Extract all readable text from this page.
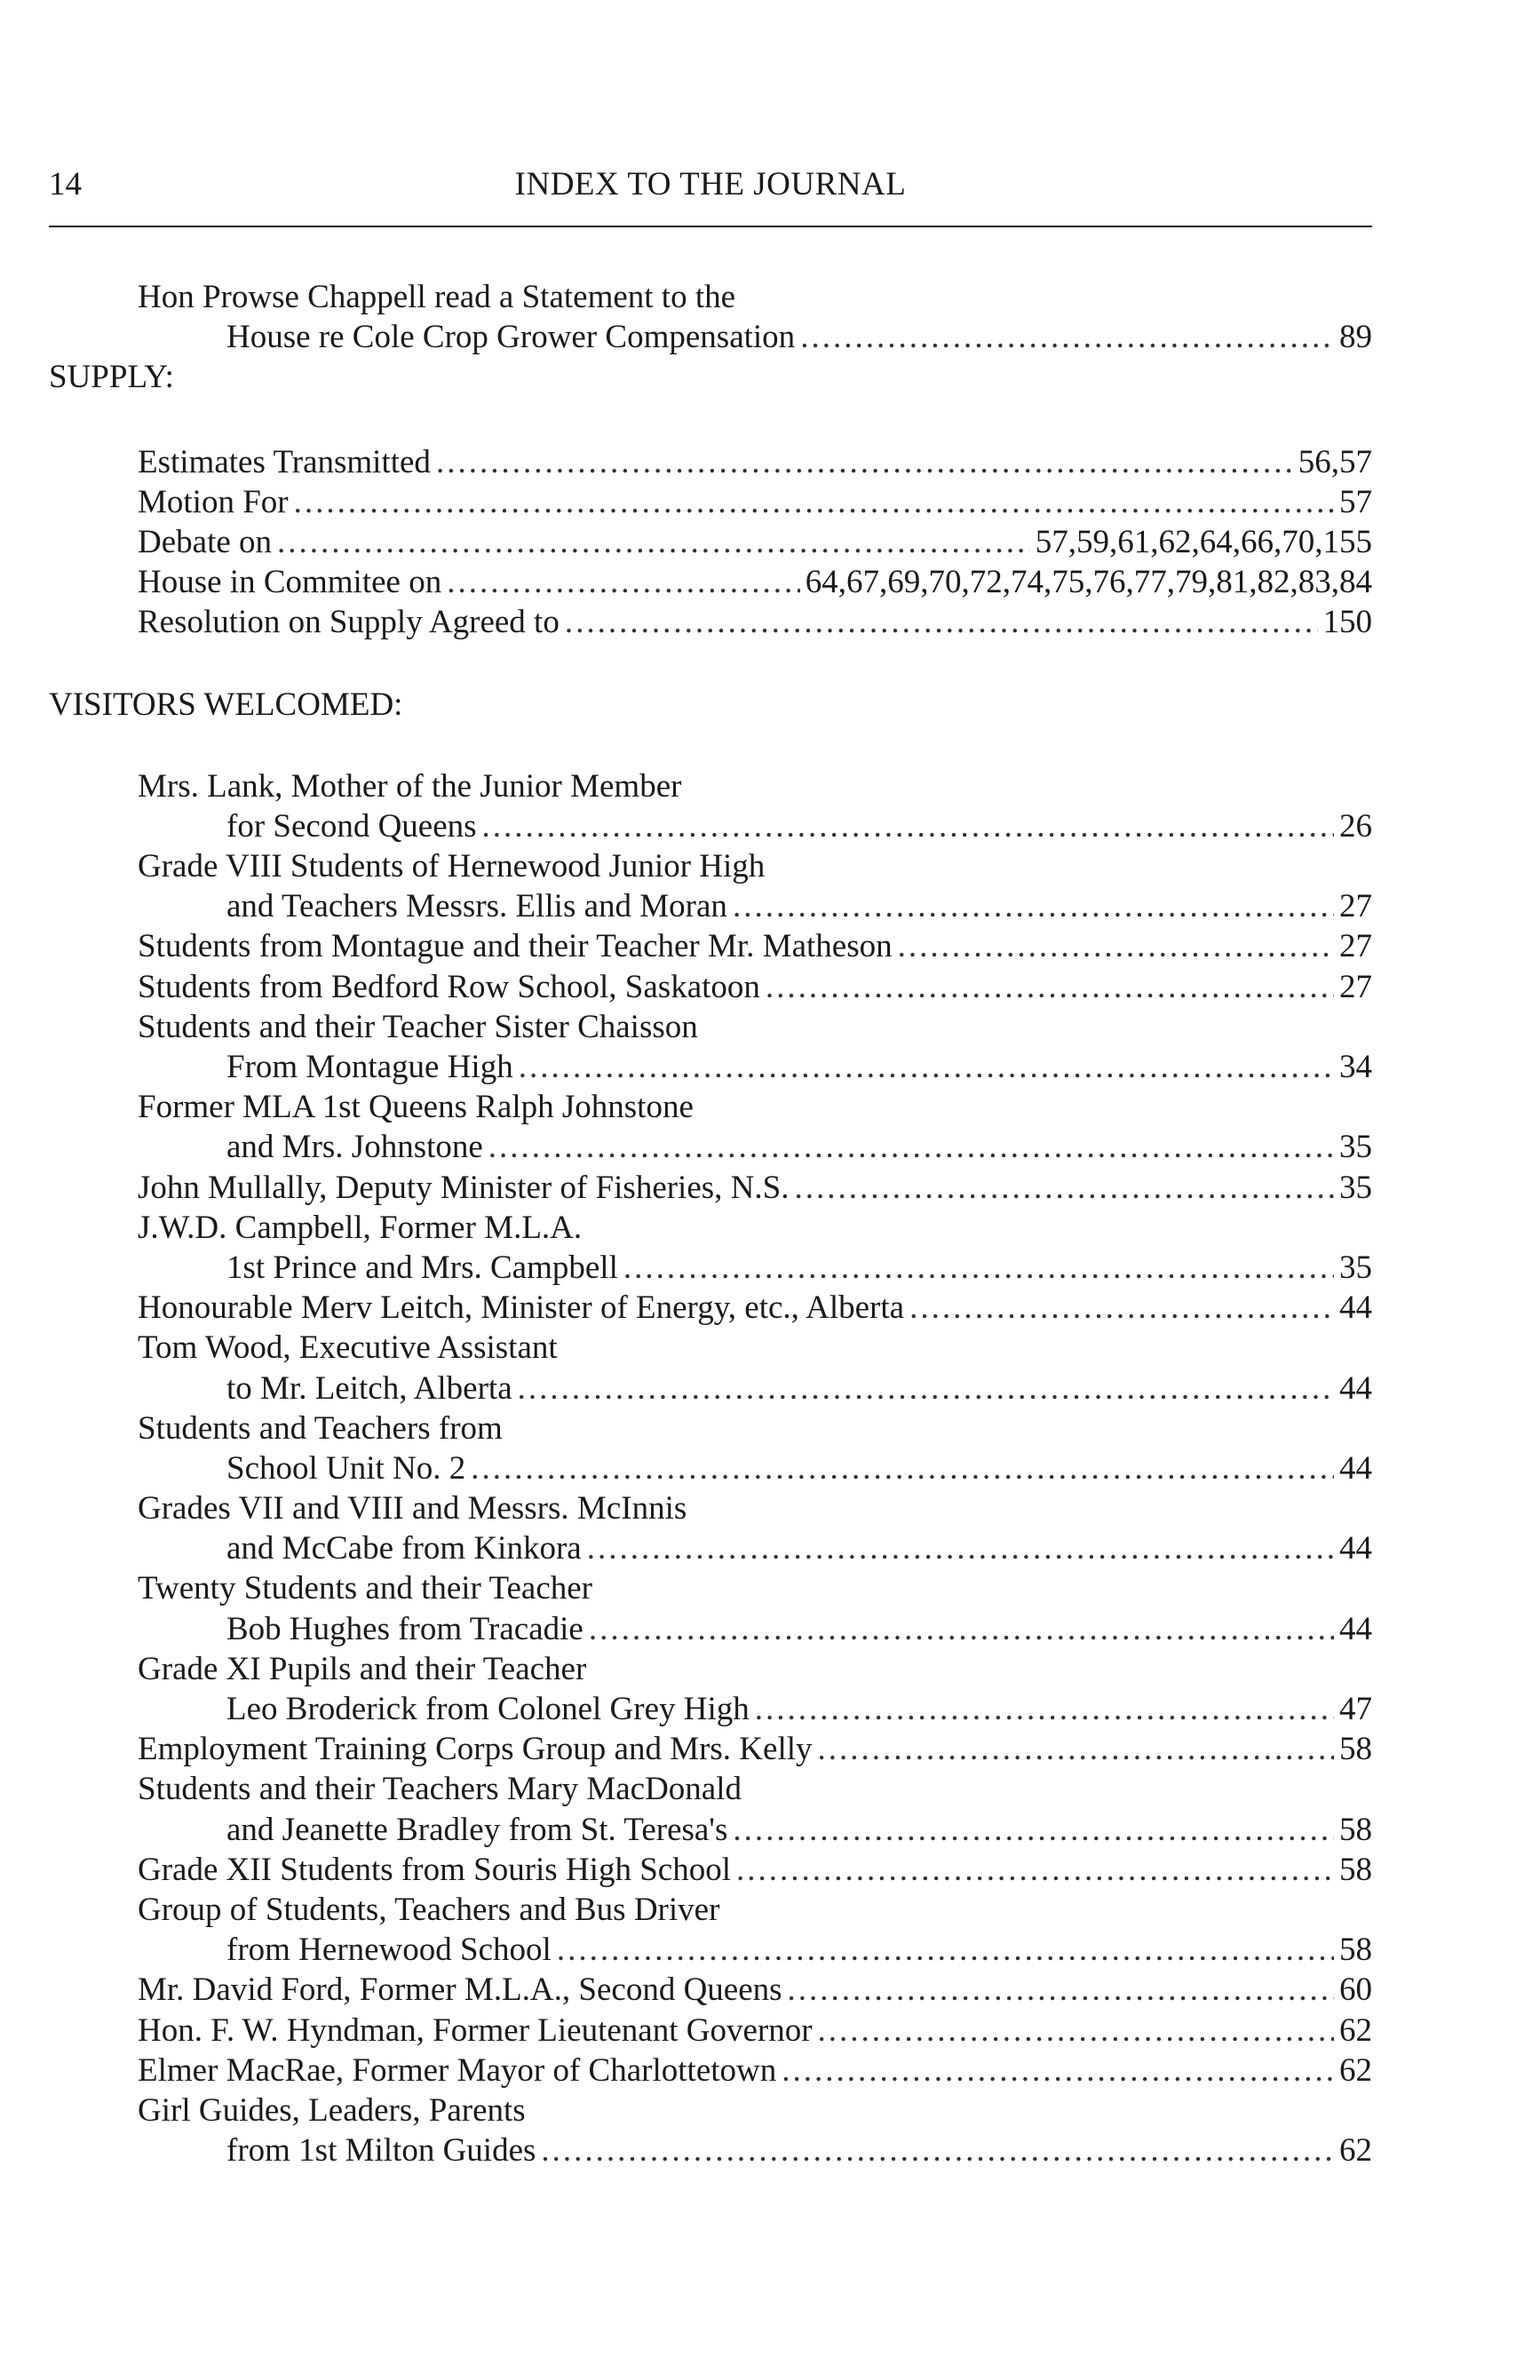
14	INDEX TO THE JOURNAL
Hon Prowse Chappell read a Statement to the
House re Cole Crop Grower Compensation .....	89
SUPPLY:
Estimates Transmitted .....	56,57
Motion For .....	57
Debate on .....	57,59,61,62,64,66,70,155
House in Commitee on .....	64,67,69,70,72,74,75,76,77,79,81,82,83,84
Resolution on Supply Agreed to .....	150
VISITORS WELCOMED:
Mrs. Lank, Mother of the Junior Member
for Second Queens .....	26
Grade VIII Students of Hernewood Junior High
and Teachers Messrs. Ellis and Moran .....	27
Students from Montague and their Teacher Mr. Matheson .....	27
Students from Bedford Row School, Saskatoon .....	27
Students and their Teacher Sister Chaisson
From Montague High .....	34
Former MLA 1st Queens Ralph Johnstone
and Mrs. Johnstone .....	35
John Mullally, Deputy Minister of Fisheries, N.S. .....	35
J.W.D. Campbell, Former M.L.A.
1st Prince and Mrs. Campbell .....	35
Honourable Merv Leitch, Minister of Energy, etc., Alberta .....	44
Tom Wood, Executive Assistant
to Mr. Leitch, Alberta .....	44
Students and Teachers from
School Unit No. 2 .....	44
Grades VII and VIII and Messrs. McInnis
and McCabe from Kinkora .....	44
Twenty Students and their Teacher
Bob Hughes from Tracadie .....	44
Grade XI Pupils and their Teacher
Leo Broderick from Colonel Grey High .....	47
Employment Training Corps Group and Mrs. Kelly .....	58
Students and their Teachers Mary MacDonald
and Jeanette Bradley from St. Teresa's .....	58
Grade XII Students from Souris High School .....	58
Group of Students, Teachers and Bus Driver
from Hernewood School .....	58
Mr. David Ford, Former M.L.A., Second Queens .....	60
Hon. F. W. Hyndman, Former Lieutenant Governor .....	62
Elmer MacRae, Former Mayor of Charlottetown .....	62
Girl Guides, Leaders, Parents
from 1st Milton Guides .....	62
